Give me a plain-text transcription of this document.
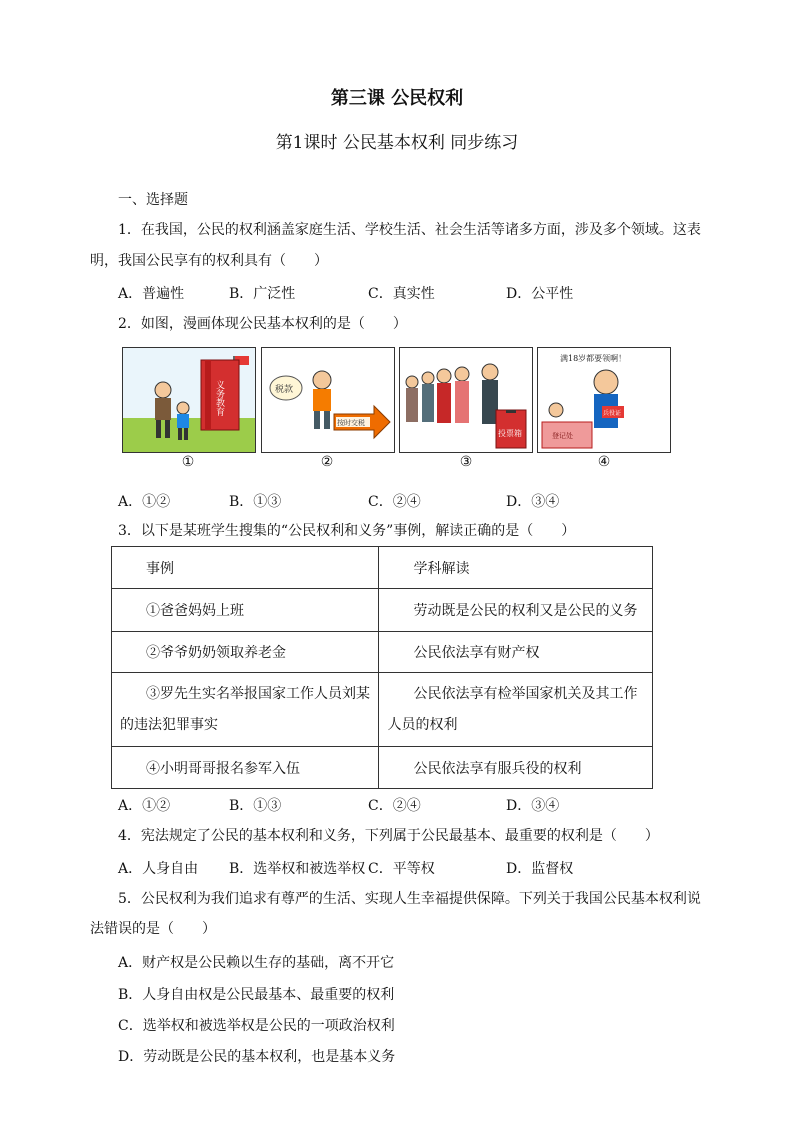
第三课 公民权利
第1课时 公民基本权利 同步练习
一、选择题
1．在我国，公民的权利涵盖家庭生活、学校生活、社会生活等诸多方面，涉及多个领域。这表
明，我国公民享有的权利具有（　　）
A．普遍性	B．广泛性	C．真实性	D．公平性
2．如图，漫画体现公民基本权利的是（　　）
义务教育	税款
按时交税
投票箱
满18岁都要领啊！
兵役证
登记处
①	②	③	④
A．①②	B．①③	C．②④	D．③④
3．以下是某班学生搜集的“公民权利和义务”事例，解读正确的是（　　）
事例	学科解读
①爸爸妈妈上班	劳动既是公民的权利又是公民的义务
②爷爷奶奶领取养老金	公民依法享有财产权
③罗先生实名举报国家工作人员刘某
的违法犯罪事实	公民依法享有检举国家机关及其工作
人员的权利
④小明哥哥报名参军入伍	公民依法享有服兵役的权利
A．①②	B．①③	C．②④	D．③④
4．宪法规定了公民的基本权利和义务，下列属于公民最基本、最重要的权利是（　　）
A．人身自由 B．选举权和被选举权 C．平等权	D．监督权
5．公民权利为我们追求有尊严的生活、实现人生幸福提供保障。下列关于我国公民基本权利说
法错误的是（　　）
A．财产权是公民赖以生存的基础，离不开它
B．人身自由权是公民最基本、最重要的权利
C．选举权和被选举权是公民的一项政治权利
D．劳动既是公民的基本权利，也是基本义务
